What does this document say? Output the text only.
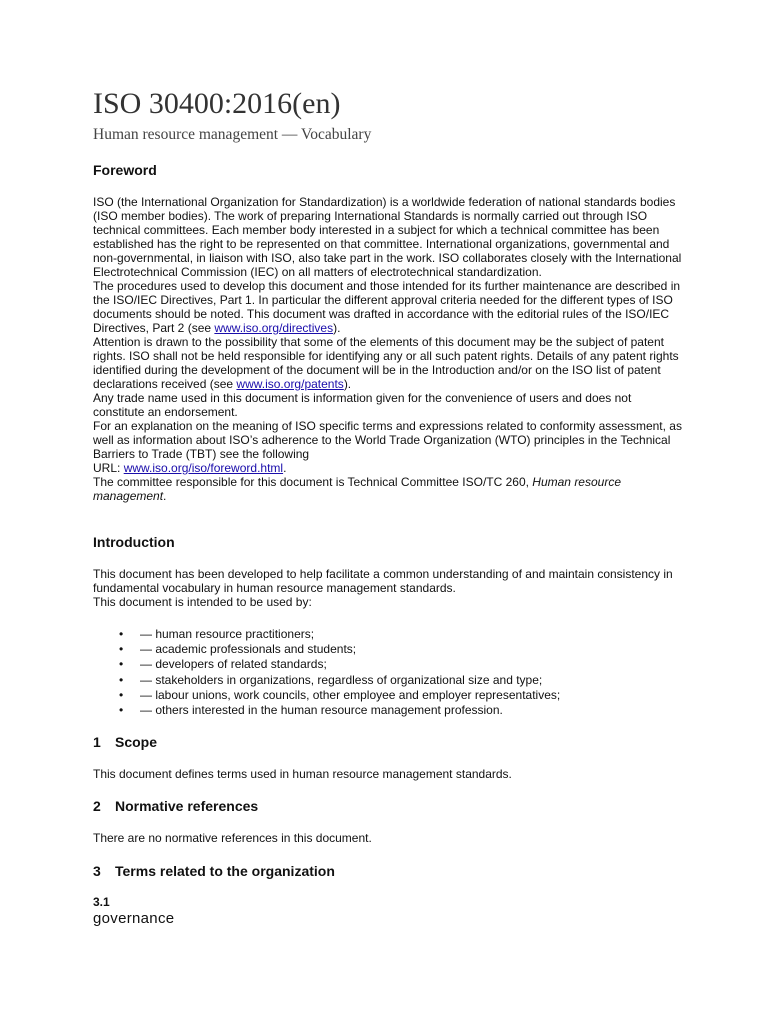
ISO 30400:2016(en)
Human resource management — Vocabulary
Foreword

ISO (the International Organization for Standardization) is a worldwide federation of national standards bodies (ISO member bodies). The work of preparing International Standards is normally carried out through ISO technical committees. Each member body interested in a subject for which a technical committee has been established has the right to be represented on that committee. International organizations, governmental and non-governmental, in liaison with ISO, also take part in the work. ISO collaborates closely with the International Electrotechnical Commission (IEC) on all matters of electrotechnical standardization.

The procedures used to develop this document and those intended for its further maintenance are described in the ISO/IEC Directives, Part 1. In particular the different approval criteria needed for the different types of ISO documents should be noted. This document was drafted in accordance with the editorial rules of the ISO/IEC Directives, Part 2 (see www.iso.org/directives).

Attention is drawn to the possibility that some of the elements of this document may be the subject of patent rights. ISO shall not be held responsible for identifying any or all such patent rights. Details of any patent rights identified during the development of the document will be in the Introduction and/or on the ISO list of patent declarations received (see www.iso.org/patents).

Any trade name used in this document is information given for the convenience of users and does not constitute an endorsement.

For an explanation on the meaning of ISO specific terms and expressions related to conformity assessment, as well as information about ISO’s adherence to the World Trade Organization (WTO) principles in the Technical Barriers to Trade (TBT) see the following
URL: www.iso.org/iso/foreword.html.

The committee responsible for this document is Technical Committee ISO/TC 260, Human resource management.

Introduction

This document has been developed to help facilitate a common understanding of and maintain consistency in fundamental vocabulary in human resource management standards.

This document is intended to be used by:

• — human resource practitioners;
• — academic professionals and students;
• — developers of related standards;
• — stakeholders in organizations, regardless of organizational size and type;
• — labour unions, work councils, other employee and employer representatives;
• — others interested in the human resource management profession.
1 Scope
This document defines terms used in human resource management standards.
2 Normative references
There are no normative references in this document.
3 Terms related to the organization
3.1
governance
